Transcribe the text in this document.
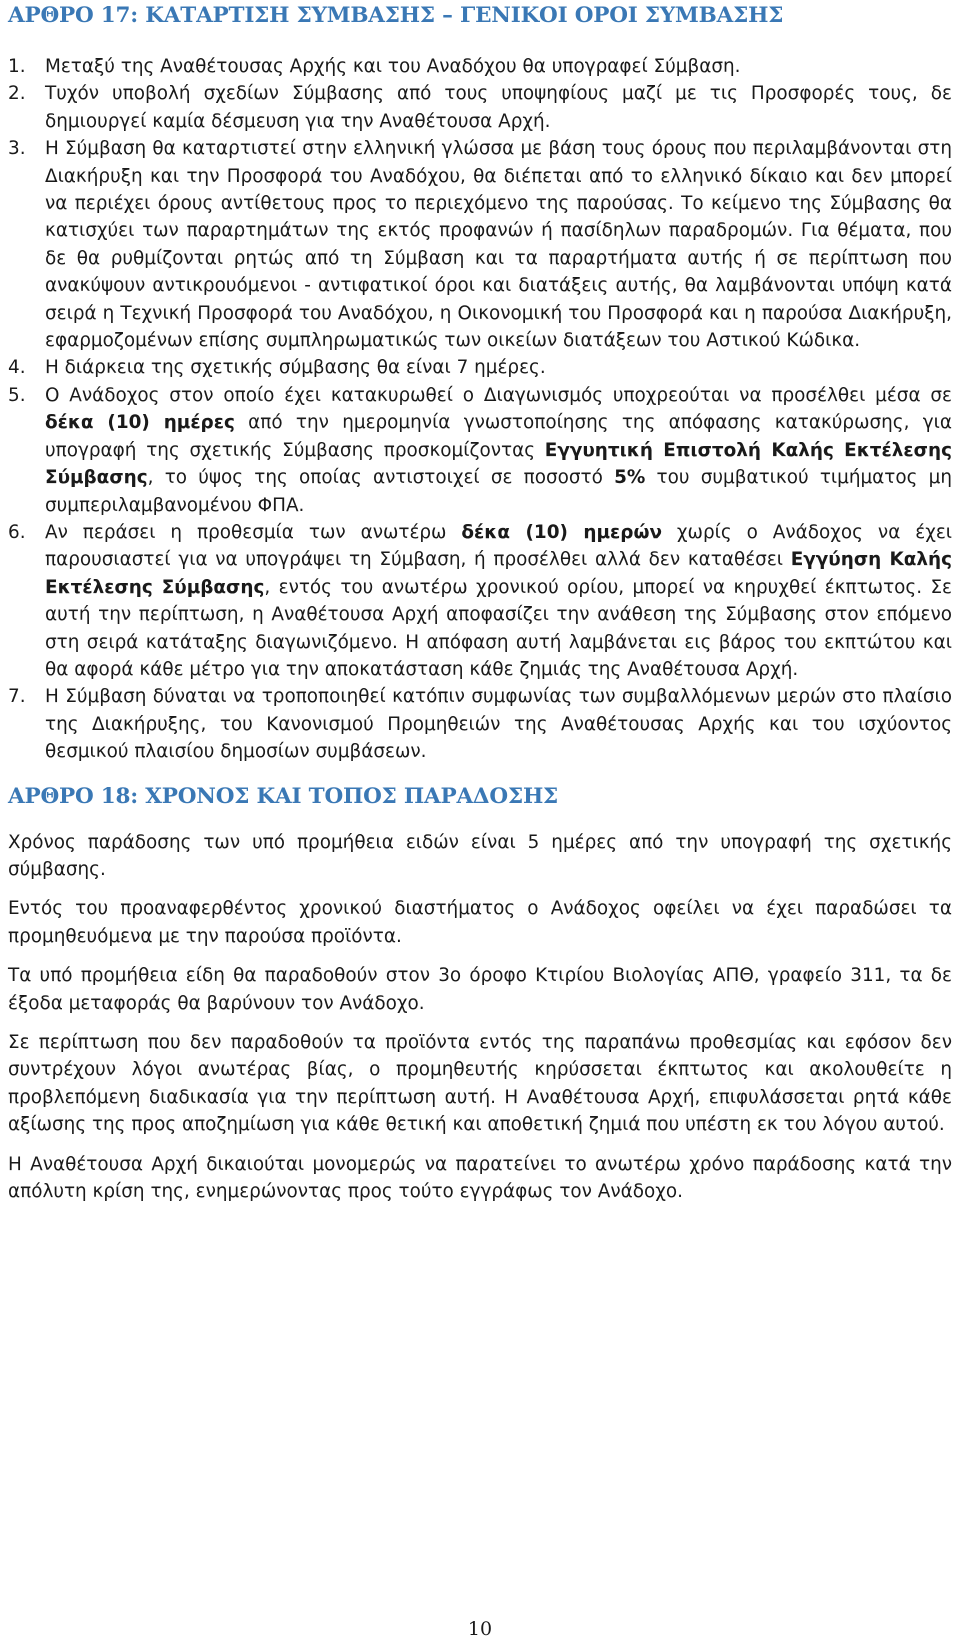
ΑΡΘΡΟ 17: ΚΑΤΑΡΤΙΣΗ ΣΥΜΒΑΣΗΣ – ΓΕΝΙΚΟΙ ΟΡΟΙ ΣΥΜΒΑΣΗΣ
1. Μεταξύ της Αναθέτουσας Αρχής και του Αναδόχου θα υπογραφεί Σύμβαση.
2. Τυχόν υποβολή σχεδίων Σύμβασης από τους υποψηφίους μαζί με τις Προσφορές τους, δε δημιουργεί καμία δέσμευση για την Αναθέτουσα Αρχή.
3. Η Σύμβαση θα καταρτιστεί στην ελληνική γλώσσα με βάση τους όρους που περιλαμβάνονται στη Διακήρυξη και την Προσφορά του Αναδόχου, θα διέπεται από το ελληνικό δίκαιο και δεν μπορεί να περιέχει όρους αντίθετους προς το περιεχόμενο της παρούσας. Το κείμενο της Σύμβασης θα κατισχύει των παραρτημάτων της εκτός προφανών ή πασίδηλων παραδρομών. Για θέματα, που δε θα ρυθμίζονται ρητώς από τη Σύμβαση και τα παραρτήματα αυτής ή σε περίπτωση που ανακύψουν αντικρουόμενοι - αντιφατικοί όροι και διατάξεις αυτής, θα λαμβάνονται υπόψη κατά σειρά η Τεχνική Προσφορά του Αναδόχου, η Οικονομική του Προσφορά και η παρούσα Διακήρυξη, εφαρμοζομένων επίσης συμπληρωματικώς των οικείων διατάξεων του Αστικού Κώδικα.
4. Η διάρκεια της σχετικής σύμβασης θα είναι 7 ημέρες.
5. Ο Ανάδοχος στον οποίο έχει κατακυρωθεί ο Διαγωνισμός υποχρεούται να προσέλθει μέσα σε δέκα (10) ημέρες από την ημερομηνία γνωστοποίησης της απόφασης κατακύρωσης, για υπογραφή της σχετικής Σύμβασης προσκομίζοντας Εγγυητική Επιστολή Καλής Εκτέλεσης Σύμβασης, το ύψος της οποίας αντιστοιχεί σε ποσοστό 5% του συμβατικού τιμήματος μη συμπεριλαμβανομένου ΦΠΑ.
6. Αν περάσει η προθεσμία των ανωτέρω δέκα (10) ημερών χωρίς ο Ανάδοχος να έχει παρουσιαστεί για να υπογράψει τη Σύμβαση, ή προσέλθει αλλά δεν καταθέσει Εγγύηση Καλής Εκτέλεσης Σύμβασης, εντός του ανωτέρω χρονικού ορίου, μπορεί να κηρυχθεί έκπτωτος. Σε αυτή την περίπτωση, η Αναθέτουσα Αρχή αποφασίζει την ανάθεση της Σύμβασης στον επόμενο στη σειρά κατάταξης διαγωνιζόμενο. Η απόφαση αυτή λαμβάνεται εις βάρος του εκπτώτου και θα αφορά κάθε μέτρο για την αποκατάσταση κάθε ζημιάς της Αναθέτουσα Αρχή.
7. Η Σύμβαση δύναται να τροποποιηθεί κατόπιν συμφωνίας των συμβαλλόμενων μερών στο πλαίσιο της Διακήρυξης, του Κανονισμού Προμηθειών της Αναθέτουσας Αρχής και του ισχύοντος θεσμικού πλαισίου δημοσίων συμβάσεων.
ΑΡΘΡΟ 18: ΧΡΟΝΟΣ ΚΑΙ ΤΟΠΟΣ ΠΑΡΑΔΟΣΗΣ

Χρόνος παράδοσης των υπό προμήθεια ειδών είναι 5 ημέρες από την υπογραφή της σχετικής σύμβασης.

Εντός του προαναφερθέντος χρονικού διαστήματος ο Ανάδοχος οφείλει να έχει παραδώσει τα προμηθευόμενα με την παρούσα προϊόντα.

Τα υπό προμήθεια είδη θα παραδοθούν στον 3ο όροφο Κτιρίου Βιολογίας ΑΠΘ, γραφείο 311, τα δε έξοδα μεταφοράς θα βαρύνουν τον Ανάδοχο.

Σε περίπτωση που δεν παραδοθούν τα προϊόντα εντός της παραπάνω προθεσμίας και εφόσον δεν συντρέχουν λόγοι ανωτέρας βίας, ο προμηθευτής κηρύσσεται έκπτωτος και ακολουθείτε η προβλεπόμενη διαδικασία για την περίπτωση αυτή. Η Αναθέτουσα Αρχή, επιφυλάσσεται ρητά κάθε αξίωσης της προς αποζημίωση για κάθε θετική και αποθετική ζημιά που υπέστη εκ του λόγου αυτού.

Η Αναθέτουσα Αρχή δικαιούται μονομερώς να παρατείνει το ανωτέρω χρόνο παράδοσης κατά την απόλυτη κρίση της, ενημερώνοντας προς τούτο εγγράφως τον Ανάδοχο.

10
